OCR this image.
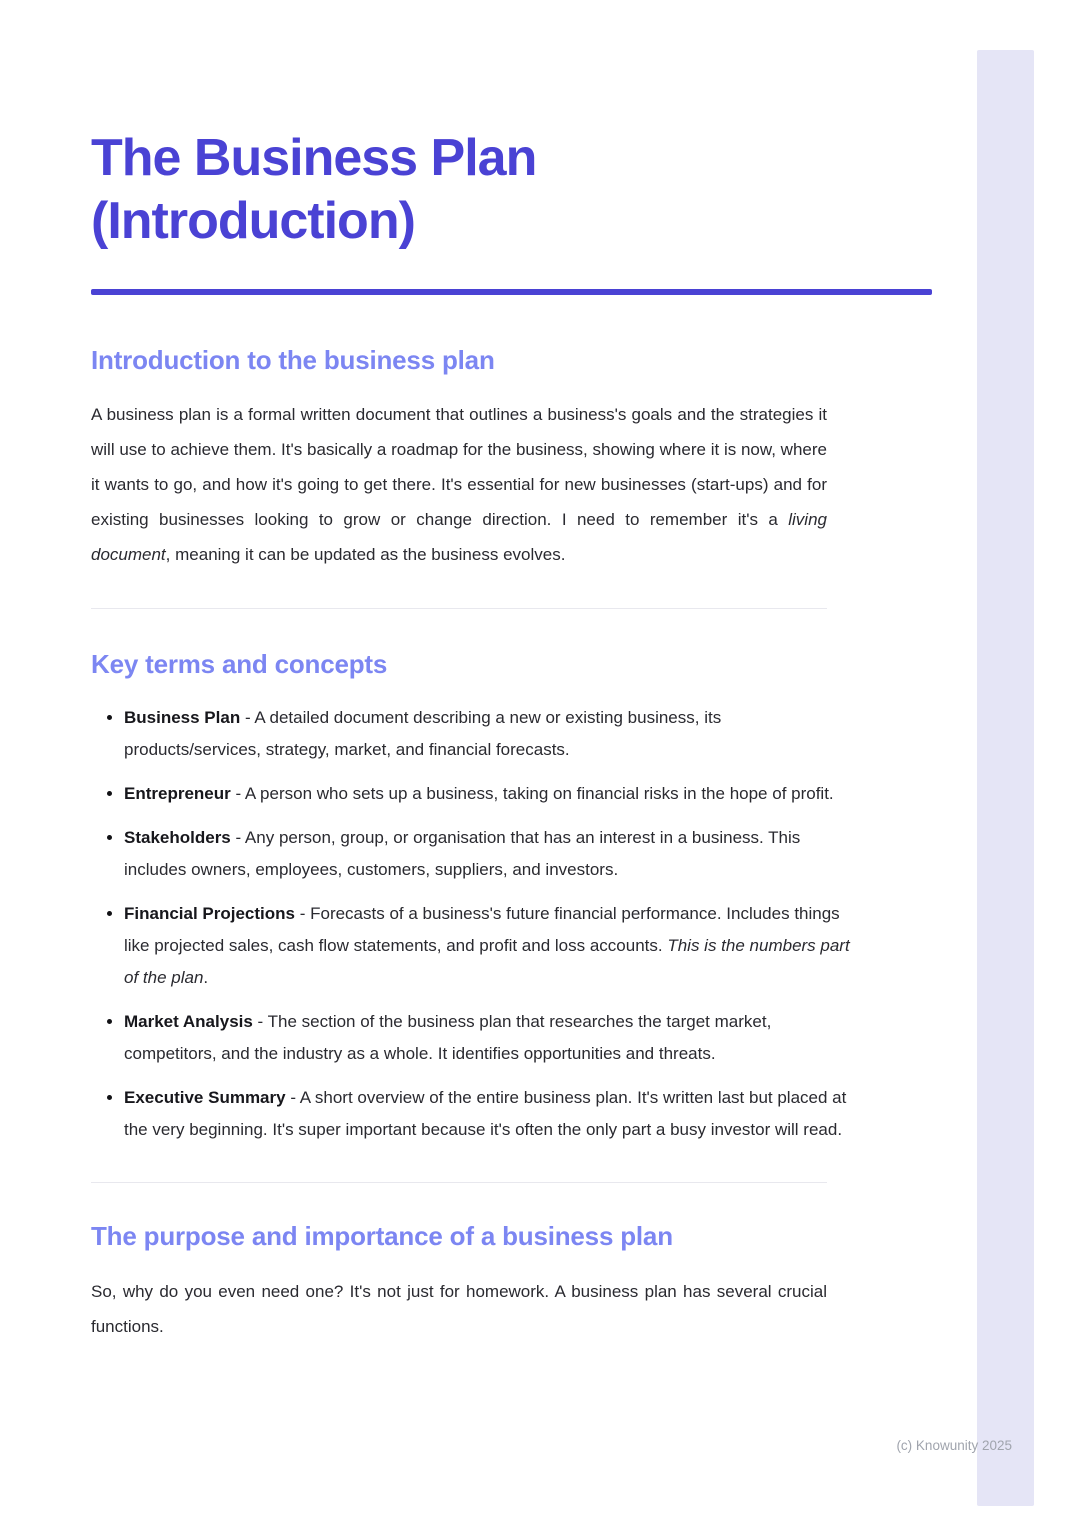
The Business Plan
(Introduction)
Introduction to the business plan

A business plan is a formal written document that outlines a business's goals and the strategies it will use to achieve them. It's basically a roadmap for the business, showing where it is now, where it wants to go, and how it's going to get there. It's essential for new businesses (start-ups) and for existing businesses looking to grow or change direction. I need to remember it's a living document, meaning it can be updated as the business evolves.

Key terms and concepts
• Business Plan - A detailed document describing a new or existing business, its products/services, strategy, market, and financial forecasts.
• Entrepreneur - A person who sets up a business, taking on financial risks in the hope of profit.
• Stakeholders - Any person, group, or organisation that has an interest in a business. This includes owners, employees, customers, suppliers, and investors.
• Financial Projections - Forecasts of a business's future financial performance. Includes things like projected sales, cash flow statements, and profit and loss accounts. This is the numbers part of the plan.
• Market Analysis - The section of the business plan that researches the target market, competitors, and the industry as a whole. It identifies opportunities and threats.
• Executive Summary - A short overview of the entire business plan. It's written last but placed at the very beginning. It's super important because it's often the only part a busy investor will read.
The purpose and importance of a business plan

So, why do you even need one? It's not just for homework. A business plan has several crucial functions.

(c) Knowunity 2025
